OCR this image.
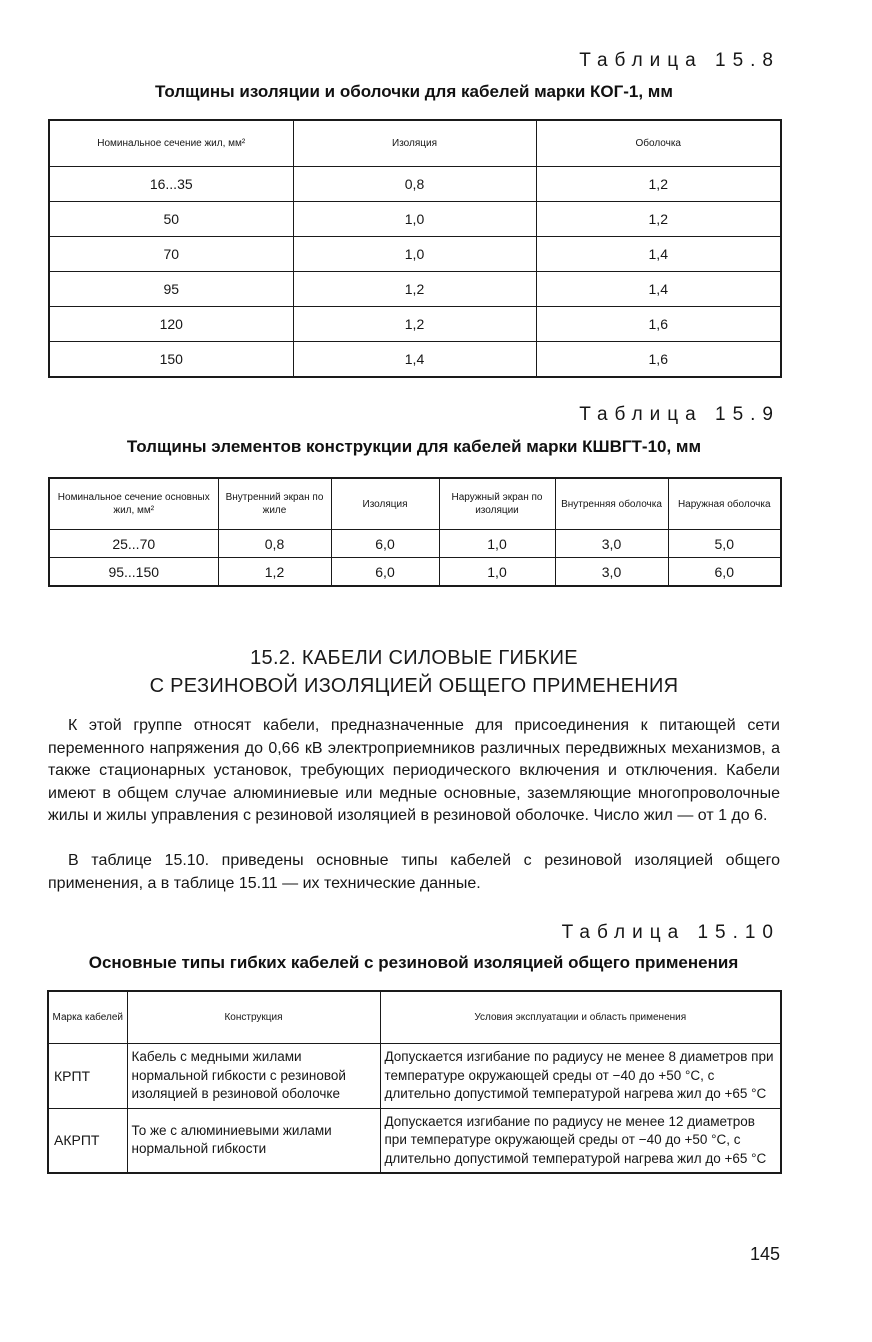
Таблица 15.8
Толщины изоляции и оболочки для кабелей марки КОГ-1, мм
Номинальное сечение жил, мм²	Изоляция	Оболочка
16...35	0,8	1,2
50	1,0	1,2
70	1,0	1,4
95	1,2	1,4
120	1,2	1,6
150	1,4	1,6
Таблица 15.9
Толщины элементов конструкции для кабелей марки КШВГТ-10, мм
Номинальное сечение основных жил, мм²	Внутренний экран по жиле	Изоляция	Наружный экран по изоляции	Внутренняя оболочка	Наружная оболочка
25...70	0,8	6,0	1,0	3,0	5,0
95...150	1,2	6,0	1,0	3,0	6,0
15.2. КАБЕЛИ СИЛОВЫЕ ГИБКИЕ
С РЕЗИНОВОЙ ИЗОЛЯЦИЕЙ ОБЩЕГО ПРИМЕНЕНИЯ

К этой группе относят кабели, предназначенные для присоединения к питающей сети переменного напряжения до 0,66 кВ электроприемников различных передвижных механизмов, а также стационарных установок, требующих периодического включения и отключения. Кабели имеют в общем случае алюминиевые или медные основные, заземляющие многопроволочные жилы и жилы управления с резиновой изоляцией в резиновой оболочке. Число жил — от 1 до 6.

В таблице 15.10. приведены основные типы кабелей с резиновой изоляцией общего применения, а в таблице 15.11 — их технические данные.

Таблица 15.10
Основные типы гибких кабелей с резиновой изоляцией общего применения
Марка кабелей	Конструкция	Условия эксплуатации и область применения
КРПТ	Кабель с медными жилами нормальной гибкости с резиновой изоляцией в резиновой оболочке	Допускается изгибание по радиусу не менее 8 диаметров при температуре окружающей среды от −40 до +50 °С, с длительно допустимой температурой нагрева жил до +65 °С
АКРПТ	То же с алюминиевыми жилами нормальной гибкости	Допускается изгибание по радиусу не менее 12 диаметров при температуре окружающей среды от −40 до +50 °С, с длительно допустимой температурой нагрева жил до +65 °С
145
